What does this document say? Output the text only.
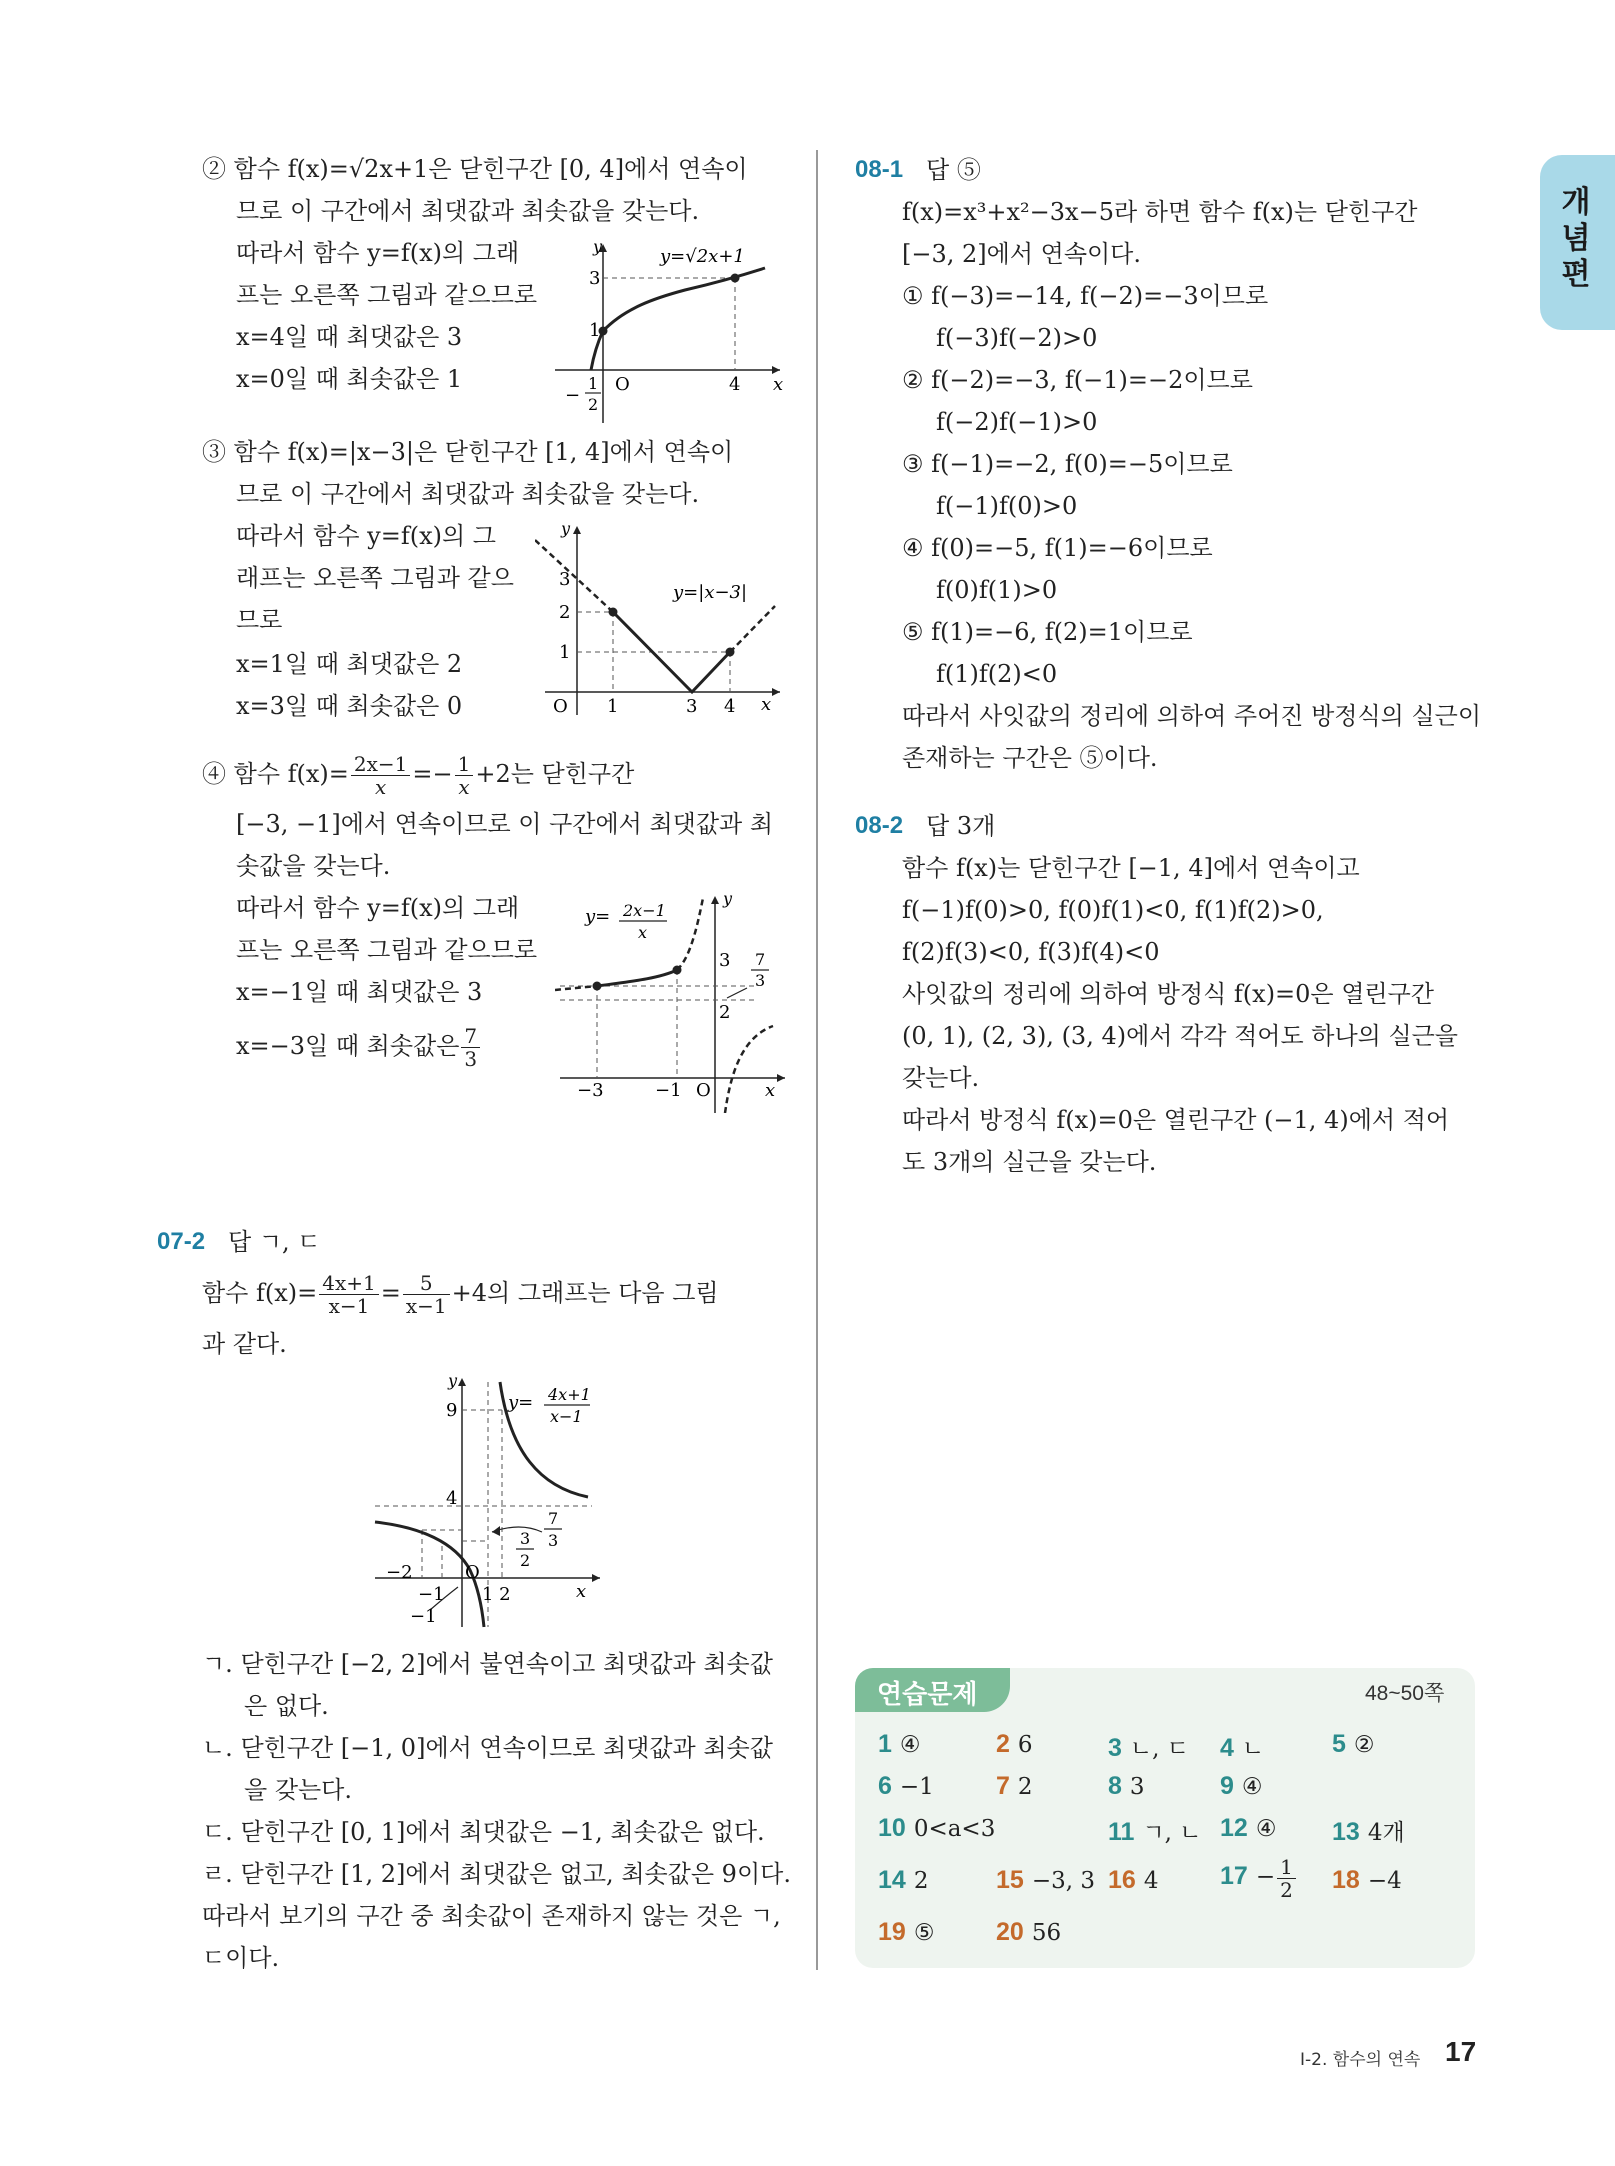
개
념
편
② 함수 f(x)=√2x+1은 닫힌구간 [0, 4]에서 연속이
므로 이 구간에서 최댓값과 최솟값을 갖는다.
따라서 함수 y=f(x)의 그래
프는 오른쪽 그림과 같으므로
x=4일 때 최댓값은 3
x=0일 때 최솟값은 1
y
x
O
3
1
4
−
1
2
y=√2x+1
③ 함수 f(x)=|x−3|은 닫힌구간 [1, 4]에서 연속이
므로 이 구간에서 최댓값과 최솟값을 갖는다.
따라서 함수 y=f(x)의 그
래프는 오른쪽 그림과 같으
므로
x=1일 때 최댓값은 2
x=3일 때 최솟값은 0
y
x
O
3
2
1
1	3 4
y=|x−3|
④ 함수 $f(x)= \frac{2x-1}{x} =- \frac{1}{x} +2$는 닫힌구간
[−3, −1]에서 연속이므로 이 구간에서 최댓값과 최
솟값을 갖는다.
따라서 함수 y=f(x)의 그래
프는 오른쪽 그림과 같으므로
x=−1일 때 최댓값은 3
x=−3일 때 최솟값은 $\frac{7}{3}$
y
x
O
3
2
7
3
−3	−1
y= 2x−1
x
07-2 답 ㄱ, ㄷ
함수 $f(x)= \frac{4x+1}{x-1} = \frac{5}{x-1} +4$의 그래프는 다음 그림
과 같다.
y
x
O
9
4
7
3
3
2
−2
−1
−1
1 2
y= 4x+1
x−1
ㄱ. 닫힌구간 [−2, 2]에서 불연속이고 최댓값과 최솟값
은 없다.
ㄴ. 닫힌구간 [−1, 0]에서 연속이므로 최댓값과 최솟값
을 갖는다.
ㄷ. 닫힌구간 [0, 1]에서 최댓값은 −1, 최솟값은 없다.
ㄹ. 닫힌구간 [1, 2]에서 최댓값은 없고, 최솟값은 9이다.
따라서 보기의 구간 중 최솟값이 존재하지 않는 것은 ㄱ,
ㄷ이다.
08-1 답 ⑤
f(x)=x³+x²−3x−5라 하면 함수 f(x)는 닫힌구간
[−3, 2]에서 연속이다.
① f(−3)=−14, f(−2)=−3이므로
f(−3)f(−2)>0
② f(−2)=−3, f(−1)=−2이므로
f(−2)f(−1)>0
③ f(−1)=−2, f(0)=−5이므로
f(−1)f(0)>0
④ f(0)=−5, f(1)=−6이므로
f(0)f(1)>0
⑤ f(1)=−6, f(2)=1이므로
f(1)f(2)<0
따라서 사잇값의 정리에 의하여 주어진 방정식의 실근이
존재하는 구간은 ⑤이다.
08-2 답 3개
함수 f(x)는 닫힌구간 [−1, 4]에서 연속이고
f(−1)f(0)>0, f(0)f(1)<0, f(1)f(2)>0,
f(2)f(3)<0, f(3)f(4)<0
사잇값의 정리에 의하여 방정식 f(x)=0은 열린구간
(0, 1), (2, 3), (3, 4)에서 각각 적어도 하나의 실근을
갖는다.
따라서 방정식 f(x)=0은 열린구간 (−1, 4)에서 적어
도 3개의 실근을 갖는다.
연습문제	48~50쪽
1 ④	2 6	3 ㄴ, ㄷ 4 ㄴ	5 ②
6 −1 7 2	8 3	9 ④
10 0<a<3	11 ㄱ, ㄴ 12 ④ 13 4개
14 2	15 −3, 3 16 4 $17 - \frac{1}{2} 18 -4$
19 ⑤ 20 56
Ⅰ-2. 함수의 연속 17
